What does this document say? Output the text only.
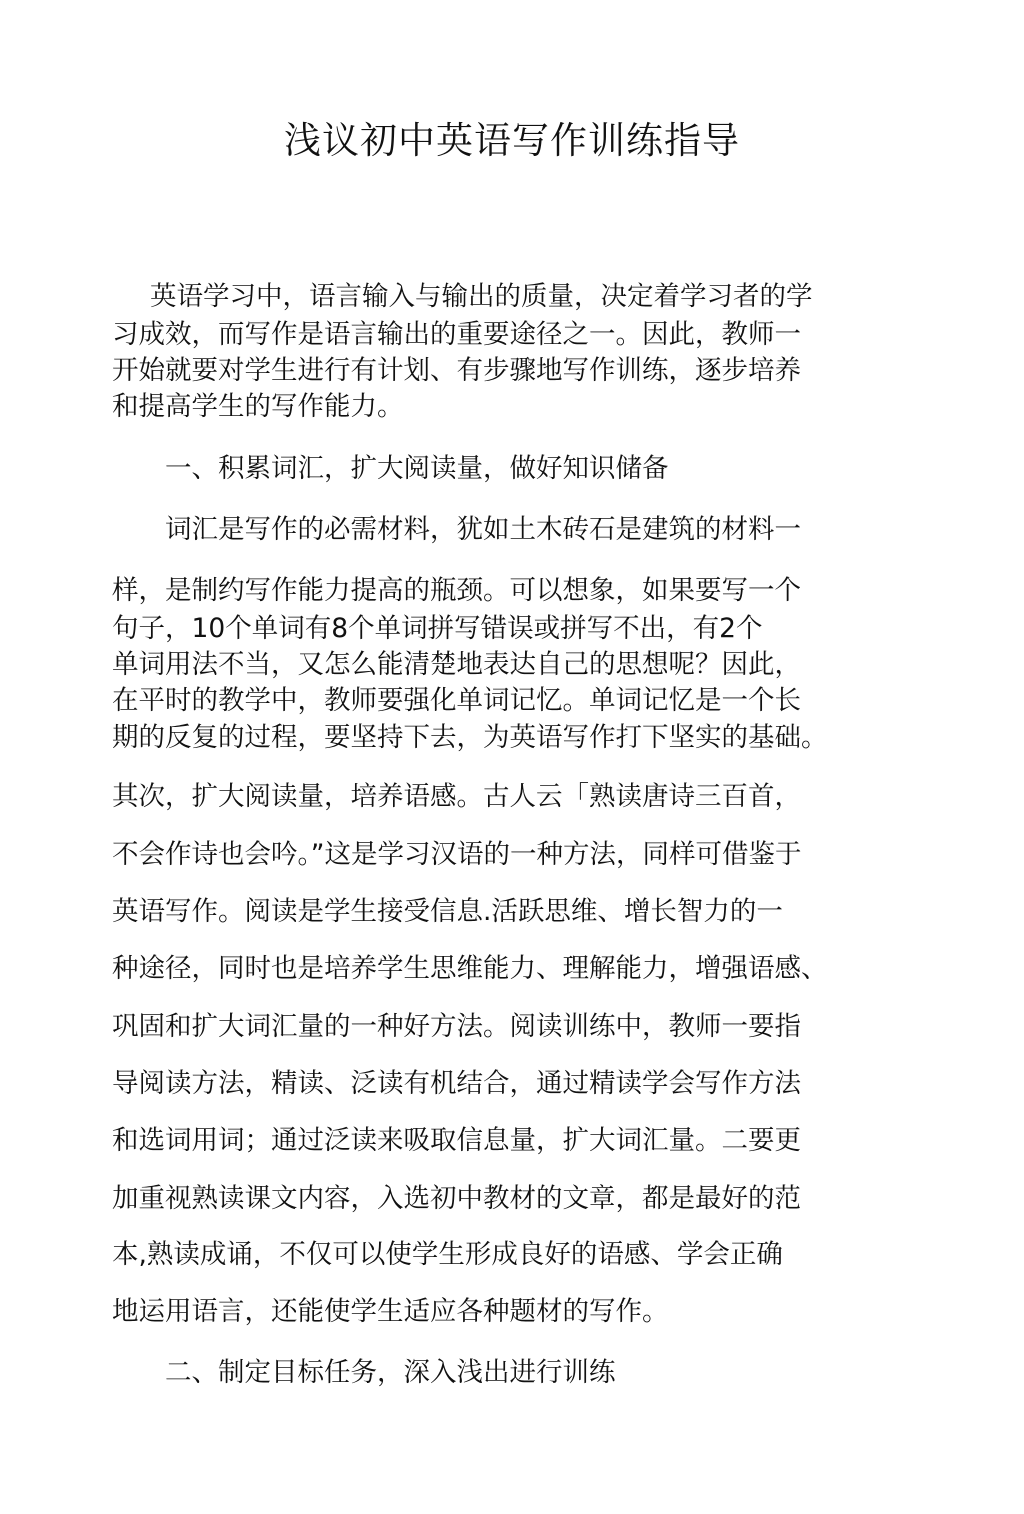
浅议初中英语写作训练指导

英语学习中，语言输入与输出的质量，决定着学习者的学

习成效，而写作是语言输出的重要途径之一。因此，教师一

开始就要对学生进行有计划、有步骤地写作训练，逐步培养

和提高学生的写作能力。

一、积累词汇，扩大阅读量，做好知识储备

词汇是写作的必需材料，犹如土木砖石是建筑的材料一

样，是制约写作能力提高的瓶颈。可以想象，如果要写一个

句子，10个单词有8个单词拼写错误或拼写不出，有2个

单词用法不当，又怎么能清楚地表达自己的思想呢？因此，

在平时的教学中，教师要强化单词记忆。单词记忆是一个长

期的反复的过程，要坚持下去，为英语写作打下坚实的基础。

其次，扩大阅读量，培养语感。古人云「熟读唐诗三百首，

不会作诗也会吟。”这是学习汉语的一种方法，同样可借鉴于

英语写作。阅读是学生接受信息.活跃思维、增长智力的一

种途径，同时也是培养学生思维能力、理解能力，增强语感、

巩固和扩大词汇量的一种好方法。阅读训练中，教师一要指

导阅读方法，精读、泛读有机结合，通过精读学会写作方法

和选词用词；通过泛读来吸取信息量，扩大词汇量。二要更

加重视熟读课文内容，入选初中教材的文章，都是最好的范

本,熟读成诵，不仅可以使学生形成良好的语感、学会正确

地运用语言，还能使学生适应各种题材的写作。

二、制定目标任务，深入浅出进行训练
